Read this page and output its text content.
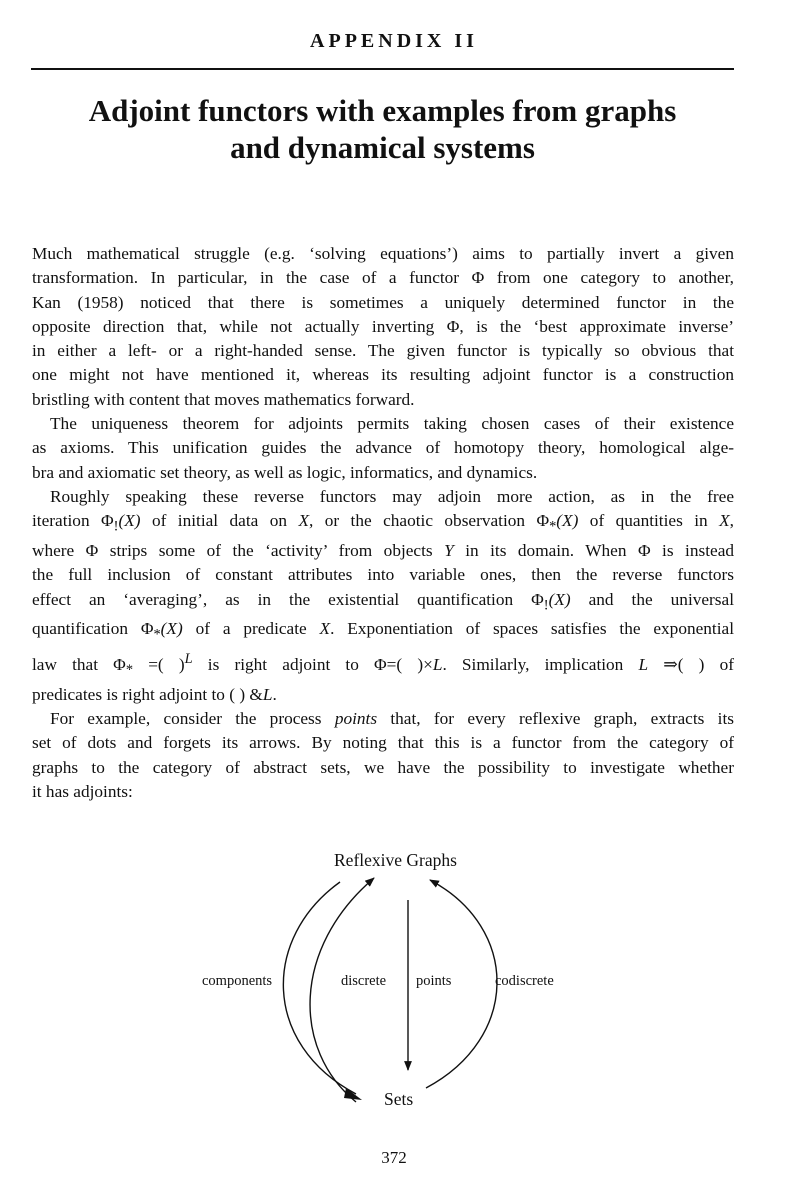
APPENDIX II
Adjoint functors with examples from graphs
and dynamical systems
Much mathematical struggle (e.g. ‘solving equations’) aims to partially invert a given
transformation. In particular, in the case of a functor Φ from one category to another,
Kan (1958) noticed that there is sometimes a uniquely determined functor in the
opposite direction that, while not actually inverting Φ, is the ‘best approximate inverse’
in either a left- or a right-handed sense. The given functor is typically so obvious that
one might not have mentioned it, whereas its resulting adjoint functor is a construction
bristling with content that moves mathematics forward.
The uniqueness theorem for adjoints permits taking chosen cases of their existence
as axioms. This unification guides the advance of homotopy theory, homological alge-
bra and axiomatic set theory, as well as logic, informatics, and dynamics.
Roughly speaking these reverse functors may adjoin more action, as in the free
iteration $\Phi_!(X)$ of initial data on X, or the chaotic observation $\Phi_*(X)$ of quantities in X,
where Φ strips some of the ‘activity’ from objects Y in its domain. When Φ is instead
the full inclusion of constant attributes into variable ones, then the reverse functors
effect an ‘averaging’, as in the existential quantification $\Phi_!(X)$ and the universal
quantification $\Phi_*(X)$ of a predicate X. Exponentiation of spaces satisfies the exponential
law that $\Phi_*$ =( )$^L$ is right adjoint to Φ=( )×L. Similarly, implication L ⇒( ) of
predicates is right adjoint to ( ) &L.
For example, consider the process points that, for every reflexive graph, extracts its
set of dots and forgets its arrows. By noting that this is a functor from the category of
graphs to the category of abstract sets, we have the possibility to investigate whether
it has adjoints:
Reflexive Graphs
Sets
components	discrete points	codiscrete
372
